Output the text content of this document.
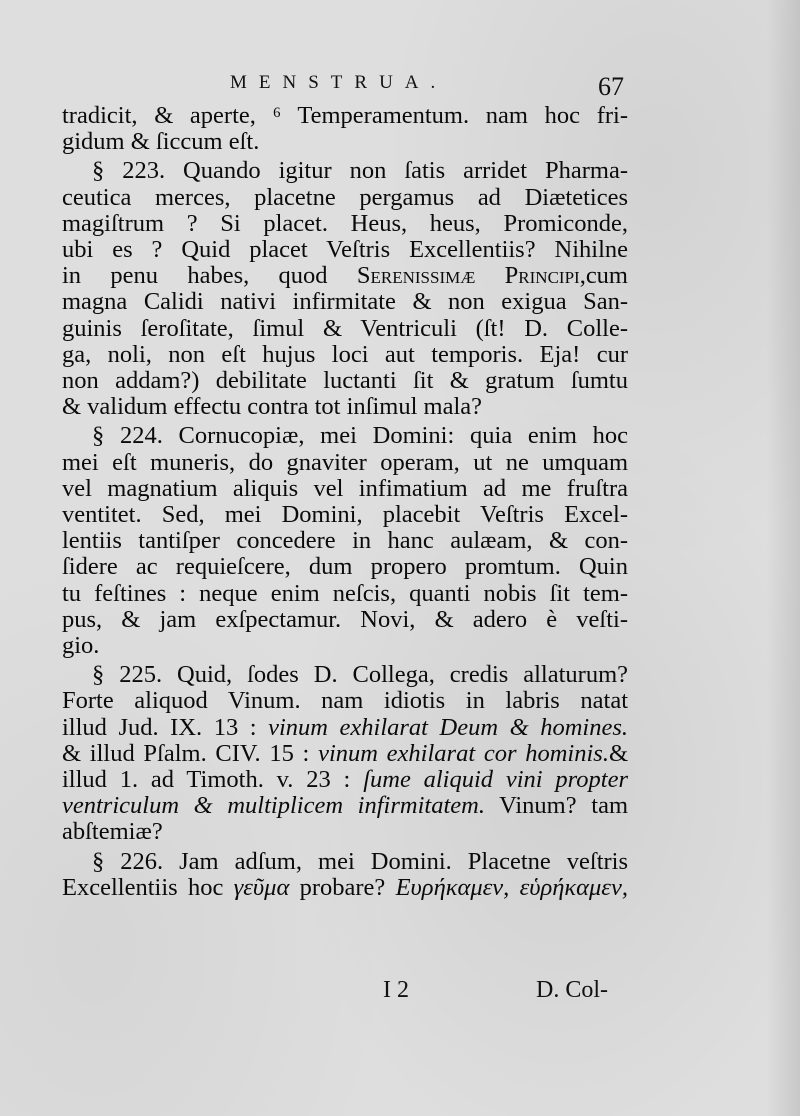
MENSTRUA.	67
tradicit, & aperte, ⁶ Temperamentum. nam hoc fri-
gidum & ſiccum eſt.
§ 223. Quando igitur non ſatis arridet Pharma-
ceutica merces, placetne pergamus ad Diætetices
magiſtrum ? Si placet. Heus, heus, Promiconde,
ubi es ? Quid placet Veſtris Excellentiis? Nihilne
in penu habes, quod Serenissimæ Principi,cum
magna Calidi nativi infirmitate & non exigua San-
guinis ſeroſitate, ſimul & Ventriculi (ſt! D. Colle-
ga, noli, non eſt hujus loci aut temporis. Eja! cur
non addam?) debilitate luctanti ſit & gratum ſumtu
& validum effectu contra tot inſimul mala?
§ 224. Cornucopiæ, mei Domini: quia enim hoc
mei eſt muneris, do gnaviter operam, ut ne umquam
vel magnatium aliquis vel infimatium ad me fruſtra
ventitet. Sed, mei Domini, placebit Veſtris Excel-
lentiis tantiſper concedere in hanc aulæam, & con-
ſidere ac requieſcere, dum propero promtum. Quin
tu feſtines : neque enim neſcis, quanti nobis ſit tem-
pus, & jam exſpectamur. Novi, & adero è veſti-
gio.
§ 225. Quid, ſodes D. Collega, credis allaturum?
Forte aliquod Vinum. nam idiotis in labris natat
illud Jud. IX. 13 : vinum exhilarat Deum & homines.
& illud Pſalm. CIV. 15 : vinum exhilarat cor hominis.&
illud 1. ad Timoth. v. 23 : ſume aliquid vini propter
ventriculum & multiplicem infirmitatem. Vinum? tam
abſtemiæ?
§ 226. Jam adſum, mei Domini. Placetne veſtris
Excellentiis hoc γεῦμα probare? Ευρήκαμεν, εὑρήκαμεν,
I 2	D. Col-
